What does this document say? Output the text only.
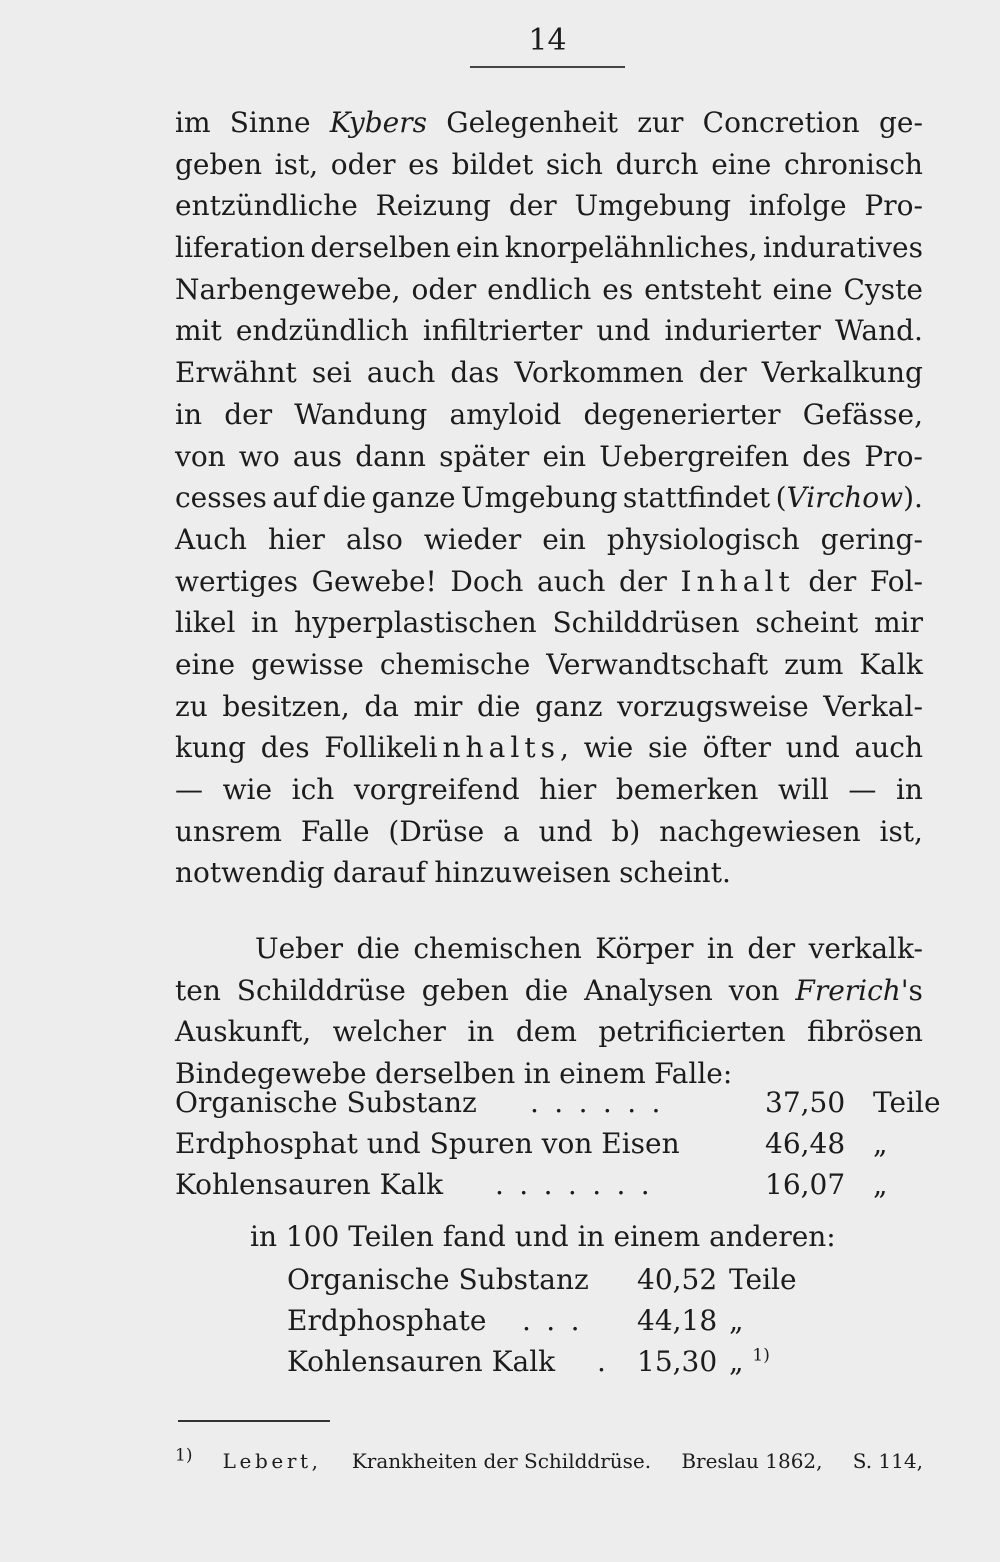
14
im Sinne Kybers Gelegenheit zur Concretion ge-
geben ist, oder es bildet sich durch eine chronisch
entzündliche Reizung der Umgebung infolge Pro-
liferation derselben ein knorpelähnliches, induratives
Narbengewebe, oder endlich es entsteht eine Cyste
mit endzündlich infiltrierter und indurierter Wand.
Erwähnt sei auch das Vorkommen der Verkalkung
in der Wandung amyloid degenerierter Gefässe,
von wo aus dann später ein Uebergreifen des Pro-
cesses auf die ganze Umgebung stattfindet (Virchow).
Auch hier also wieder ein physiologisch gering-
wertiges Gewebe! Doch auch der Inhalt der Fol-
likel in hyperplastischen Schilddrüsen scheint mir
eine gewisse chemische Verwandtschaft zum Kalk
zu besitzen, da mir die ganz vorzugsweise Verkal-
kung des Follikelinhalts, wie sie öfter und auch
— wie ich vorgreifend hier bemerken will — in
unsrem Falle (Drüse a und b) nachgewiesen ist,
notwendig darauf hinzuweisen scheint.
Ueber die chemischen Körper in der verkalk-
ten Schilddrüse geben die Analysen von Frerich's
Auskunft, welcher in dem petrificierten fibrösen
Bindegewebe derselben in einem Falle:
Organische Substanz ......	37,50 Teile
Erdphosphat und Spuren von Eisen	46,48 „
Kohlensauren Kalk .......	16,07 „
in 100 Teilen fand und in einem anderen:
Organische Substanz 40,52 Teile
Erdphosphate ... 44,18 „
Kohlensauren Kalk . 15,30 „ $^{1)}$
$^{1)}$ Lebert, Krankheiten der Schilddrüse. Breslau 1862, S. 114,
